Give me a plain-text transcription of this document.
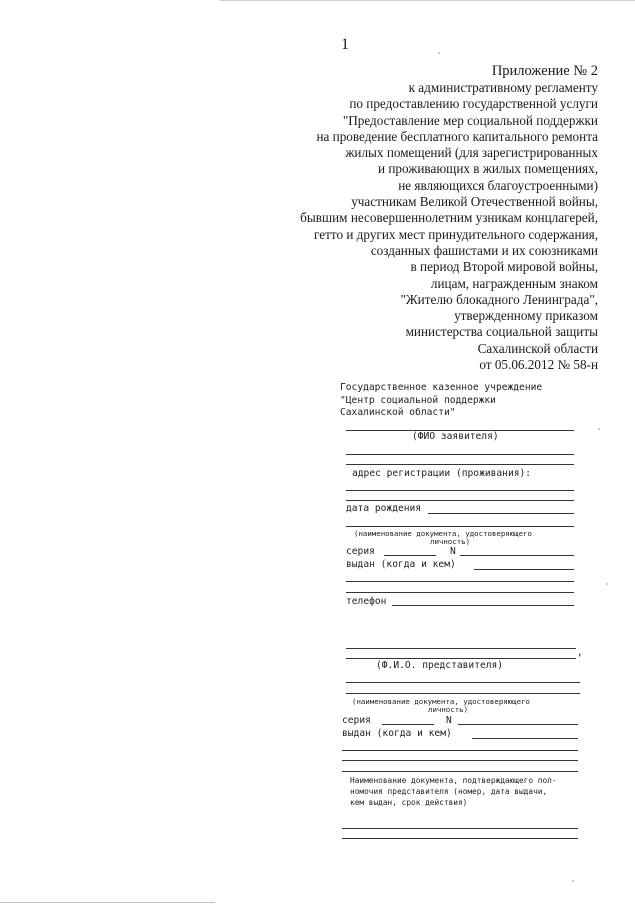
1
Приложение № 2
к административному регламенту
по предоставлению государственной услуги
"Предоставление мер социальной поддержки
на проведение бесплатного капитального ремонта
жилых помещений (для зарегистрированных
и проживающих в жилых помещениях,
не являющихся благоустроенными)
участникам Великой Отечественной войны,
бывшим несовершеннолетним узникам концлагерей,
гетто и других мест принудительного содержания,
созданных фашистами и их союзниками
в период Второй мировой войны,
лицам, награжденным знаком
"Жителю блокадного Ленинграда",
утвержденному приказом
министерства социальной защиты
Сахалинской области
от 05.06.2012 № 58-н
Государственное казенное учреждение
"Центр социальной поддержки
Сахалинской области"
(ФИО заявителя)
адрес регистрации (проживания):
дата рождения
(наименование документа, удостоверяющего
личность)
серия	N
выдан (когда и кем)
телефон
,
(Ф.И.О. представителя)
(наименование документа, удостоверяющего
личность)
серия	N
выдан (когда и кем)
Наименование документа, подтверждающего пол-
номочия представителя (номер, дата выдачи,
кем выдан, срок действия)
